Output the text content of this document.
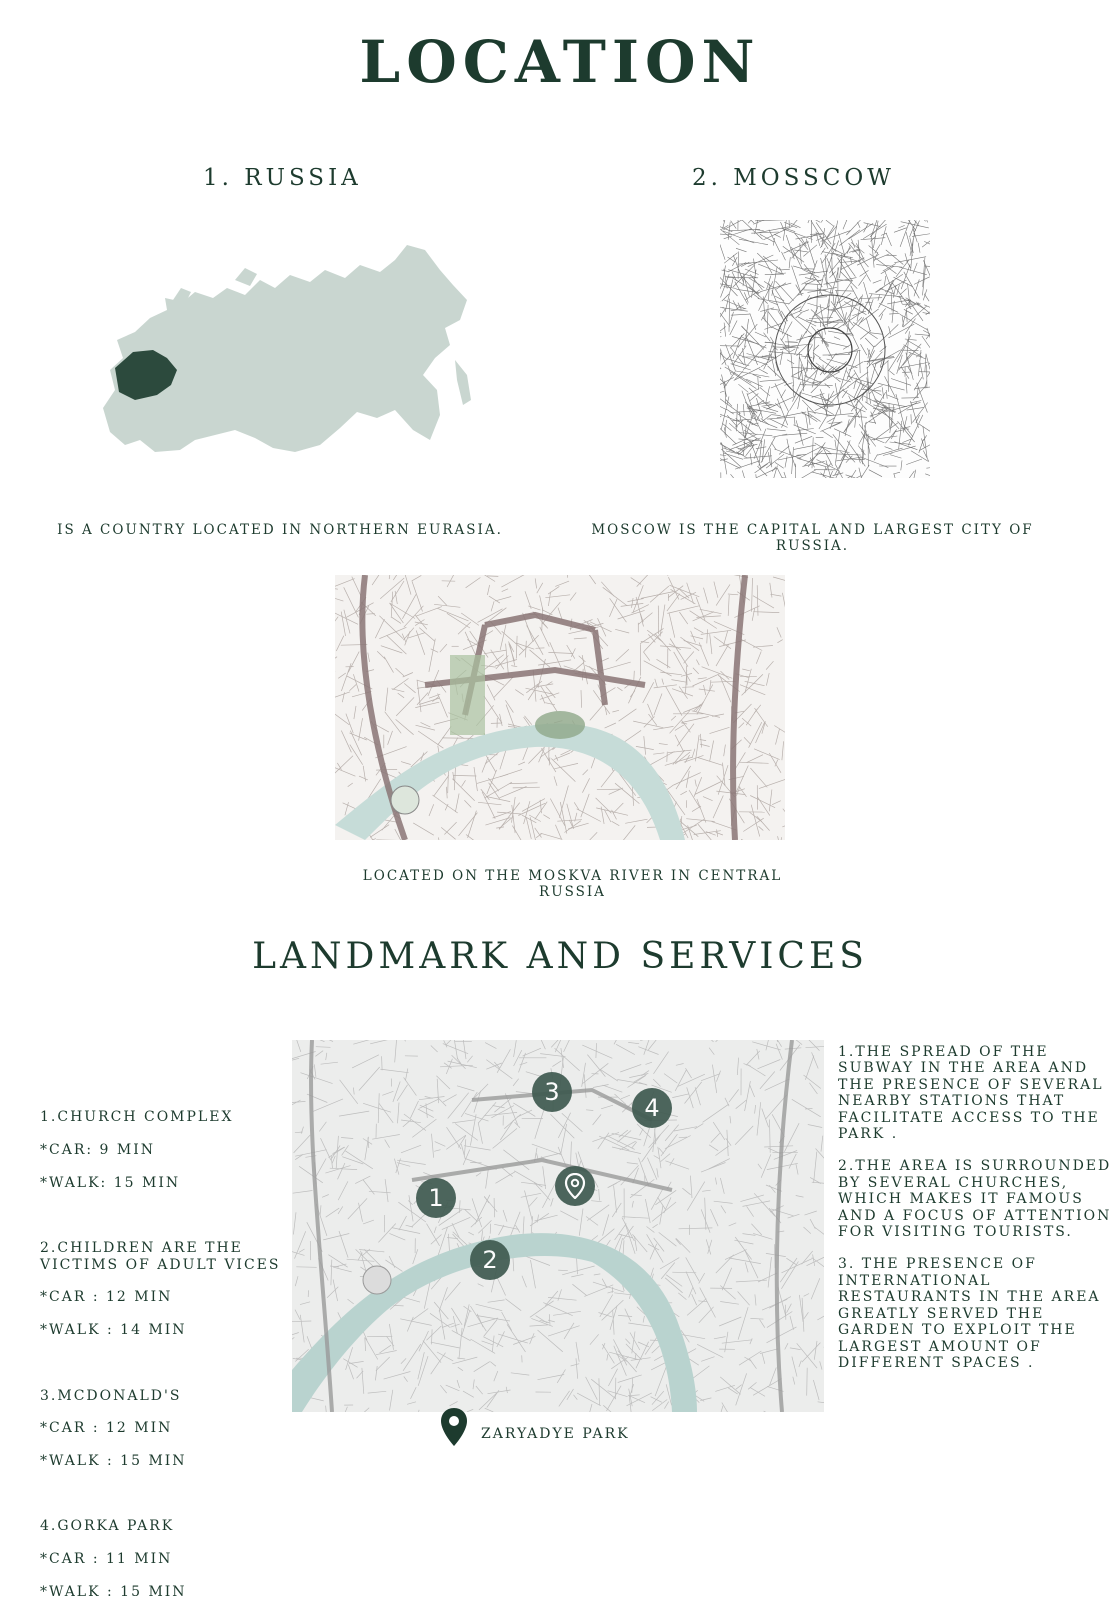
LOCATION
1. RUSSIA	2. MOSSCOW
IS A COUNTRY LOCATED IN NORTHERN EURASIA.	MOSCOW IS THE CAPITAL AND LARGEST CITY OF RUSSIA.
LOCATED ON THE MOSKVA RIVER IN CENTRAL RUSSIA
LANDMARK AND SERVICES

1.CHURCH COMPLEX

*CAR: 9 MIN

*WALK: 15 MIN

2.CHILDREN ARE THE VICTIMS OF ADULT VICES

*CAR : 12 MIN

*WALK : 14 MIN

3.MCDONALD'S

*CAR : 12 MIN

*WALK : 15 MIN

4.GORKA PARK

*CAR : 11 MIN

*WALK : 15 MIN

1
2
3
4
1.THE SPREAD OF THE SUBWAY IN THE AREA AND THE PRESENCE OF SEVERAL NEARBY STATIONS THAT FACILITATE ACCESS TO THE PARK .
2.THE AREA IS SURROUNDED BY SEVERAL CHURCHES, WHICH MAKES IT FAMOUS AND A FOCUS OF ATTENTION FOR VISITING TOURISTS.
3. THE PRESENCE OF INTERNATIONAL RESTAURANTS IN THE AREA GREATLY SERVED THE GARDEN TO EXPLOIT THE LARGEST AMOUNT OF DIFFERENT SPACES .
ZARYADYE PARK
